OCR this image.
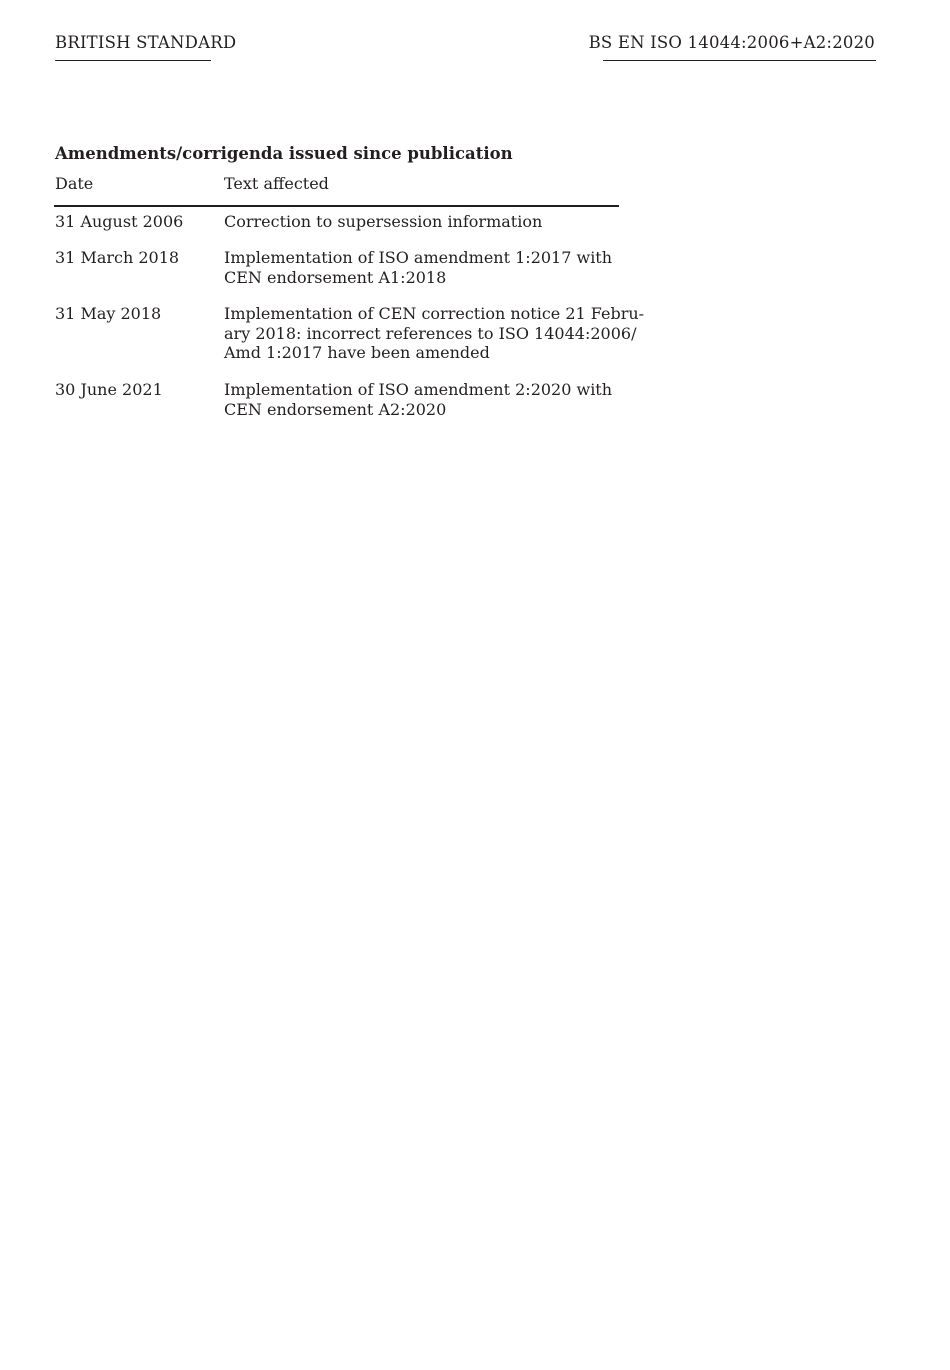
BRITISH STANDARD	BS EN ISO 14044:2006+A2:2020
Amendments/corrigenda issued since publication
Date	Text affected
31 August 2006	Correction to supersession information
31 March 2018	Implementation of ISO amendment 1:2017 with
CEN endorsement A1:2018
31 May 2018	Implementation of CEN correction notice 21 Febru-
ary 2018: incorrect references to ISO 14044:2006/
Amd 1:2017 have been amended
30 June 2021	Implementation of ISO amendment 2:2020 with
CEN endorsement A2:2020
